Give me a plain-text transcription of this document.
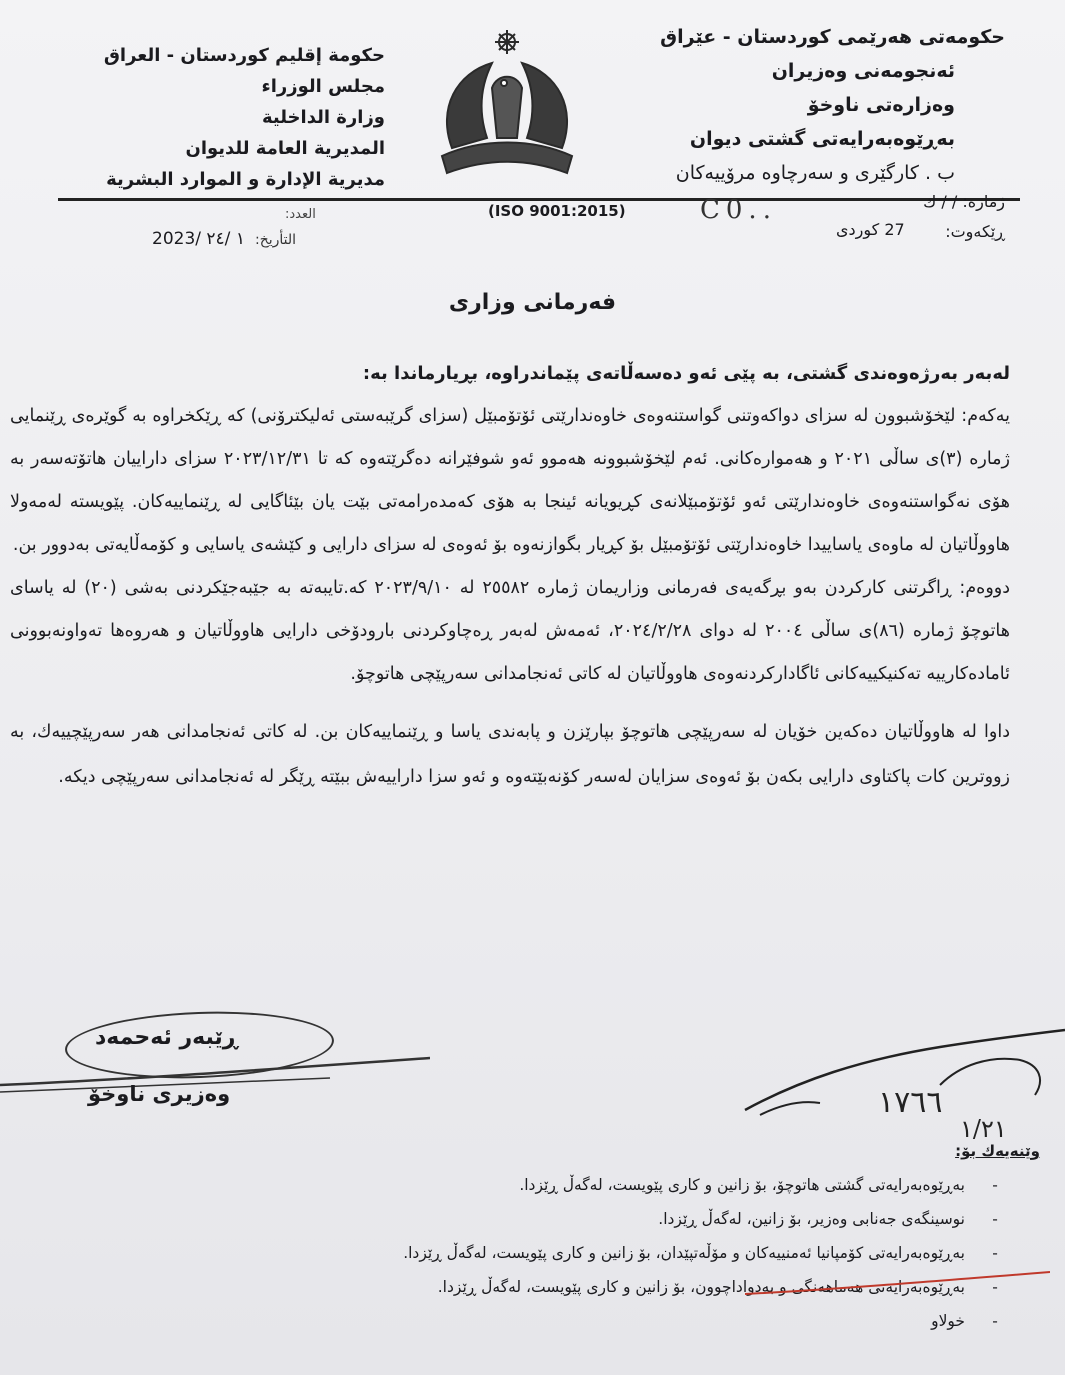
حكومەتی هەرێمی كوردستان - عێراق
ئەنجومەنی وەزیران
وەزارەتی ناوخۆ
بەڕێوەبەرایەتی گشتی دیوان
ب . كارگێری و سەرچاوە مرۆییەكان
حكومة إقليم كوردستان - العراق
مجلس الوزراء
وزارة الداخلية
المديرية العامة للديوان
مديرية الإدارة و الموارد البشرية
(ISO 9001:2015)	ژمارە: / / ك
ڕێكەوت:
27 كوردی
C0..
العدد:
التأريخ:
2023/ ١ /٢٤
فەرمانی وزاری

لەبەر بەرژەوەندی گشتی، بە پێی ئەو دەسەڵاتەی پێماندراوە، بڕیارماندا بە:

یەكەم: لێخۆشبوون لە سزای دواكەوتنی گواستنەوەی خاوەندارێتی ئۆتۆمبێل (سزای گرێبەستی ئەلیكترۆنی) كە ڕێكخراوە بە گوێرەی ڕێنمایی ژمارە (٣)ی ساڵی ٢٠٢١ و هەموارەكانی. ئەم لێخۆشبوونە هەموو ئەو شوفێرانە دەگرێتەوە كە تا ٢٠٢٣/١٢/٣١ سزای داراییان هاتۆتەسەر بە هۆی نەگواستنەوەی خاوەندارێتی ئەو ئۆتۆمبێلانەی كڕیویانە ئینجا بە هۆی كەمدەرامەتی بێت یان بێئاگایی لە ڕێنماییەكان. پێویستە لەمەولا هاووڵاتیان لە ماوەی یاساییدا خاوەندارێتی ئۆتۆمبێل بۆ كڕیار بگوازنەوە بۆ ئەوەی لە سزای دارایی و كێشەی یاسایی و كۆمەڵایەتی بەدوور بن.

دووەم: ڕاگرتنی كاركردن بەو بڕگەیەی فەرمانی وزاریمان ژمارە ٢٥٥٨٢ لە ٢٠٢٣/٩/١٠ كە.تایبەتە بە جێبەجێكردنی بەشی (٢٠) لە یاسای هاتوچۆ ژمارە (٨٦)ی ساڵی ٢٠٠٤ لە دوای ٢٠٢٤/٢/٢٨، ئەمەش لەبەر ڕەچاوكردنی بارودۆخی دارایی هاووڵاتیان و هەروەها تەواونەبوونی ئامادەكارییە تەكنیكییەكانی ئاگاداركردنەوەی هاووڵاتیان لە كاتی ئەنجامدانی سەرپێچی هاتوچۆ.

داوا لە هاووڵاتیان دەكەین خۆیان لە سەرپێچی هاتوچۆ بپارێزن و پابەندی یاسا و ڕێنماییەكان بن. لە كاتی ئەنجامدانی هەر سەرپێچییەك، بە زووترین كات پاكتاوی دارایی بكەن بۆ ئەوەی سزایان لەسەر كۆنەبێتەوە و ئەو سزا داراییەش ببێتە ڕێگر لە ئەنجامدانی سەرپێچی دیكە.

ڕێبەر ئەحمەد
وەزیری ناوخۆ	١٧٦٦
١/٢١
وێنەیەك بۆ:
-بەڕێوەبەرایەتی گشتی هاتوچۆ، بۆ زانین و كاری پێویست، لەگەڵ ڕێزدا.
-نوسینگەی جەنابی وەزیر، بۆ زانین، لەگەڵ ڕێزدا.
-بەڕێوەبەرایەتی كۆمپانیا ئەمنییەكان و مۆڵەتپێدان، بۆ زانین و كاری پێویست، لەگەڵ ڕێزدا.
-بەڕێوەبەرایەتی هەماهەنگی و بەدواداچوون، بۆ زانین و كاری پێویست، لەگەڵ ڕێزدا.
-خولاو
